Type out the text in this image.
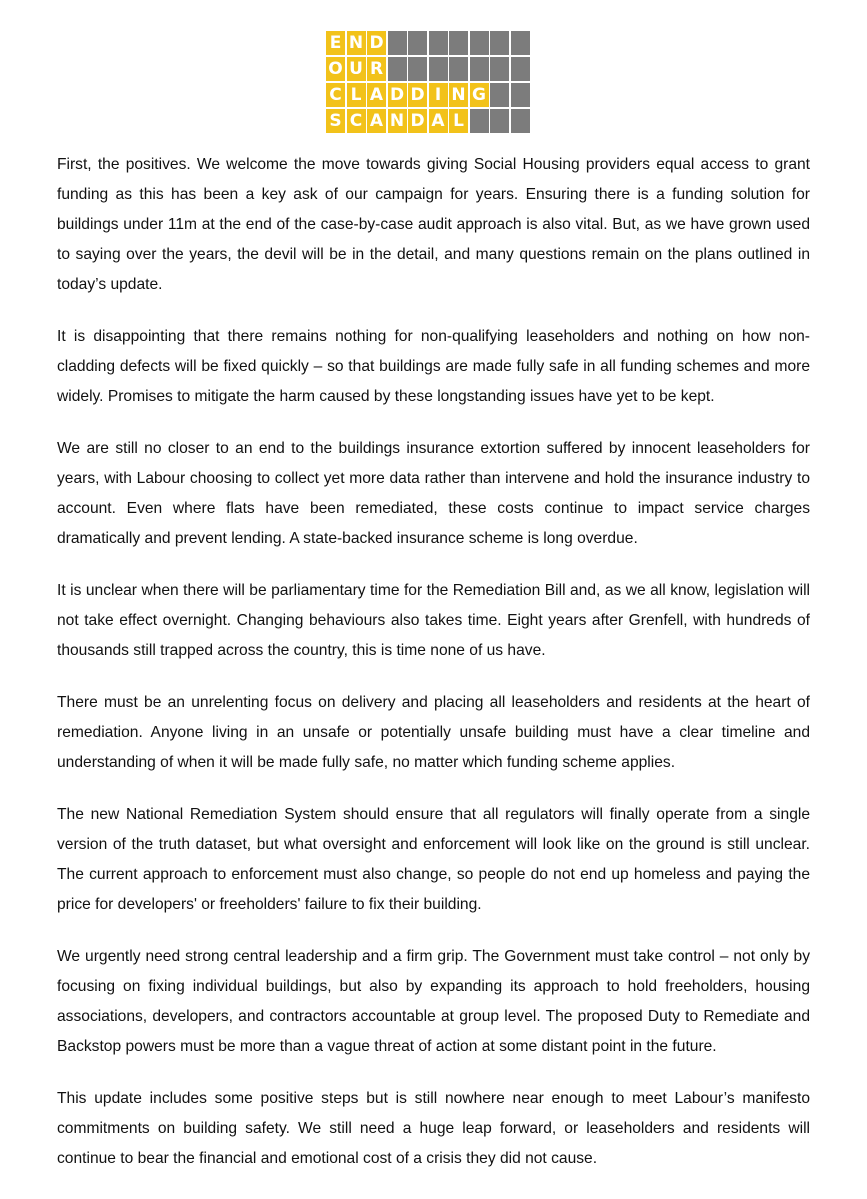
E N D
O U R
C L A D D I N G
S C A N D A L

First, the positives. We welcome the move towards giving Social Housing providers equal access to grant funding as this has been a key ask of our campaign for years. Ensuring there is a funding solution for buildings under 11m at the end of the case-by-case audit approach is also vital. But, as we have grown used to saying over the years, the devil will be in the detail, and many questions remain on the plans outlined in today’s update.

It is disappointing that there remains nothing for non-qualifying leaseholders and nothing on how non-cladding defects will be fixed quickly – so that buildings are made fully safe in all funding schemes and more widely. Promises to mitigate the harm caused by these longstanding issues have yet to be kept.

We are still no closer to an end to the buildings insurance extortion suffered by innocent leaseholders for years, with Labour choosing to collect yet more data rather than intervene and hold the insurance industry to account. Even where flats have been remediated, these costs continue to impact service charges dramatically and prevent lending. A state-backed insurance scheme is long overdue.

It is unclear when there will be parliamentary time for the Remediation Bill and, as we all know, legislation will not take effect overnight. Changing behaviours also takes time. Eight years after Grenfell, with hundreds of thousands still trapped across the country, this is time none of us have.

There must be an unrelenting focus on delivery and placing all leaseholders and residents at the heart of remediation. Anyone living in an unsafe or potentially unsafe building must have a clear timeline and understanding of when it will be made fully safe, no matter which funding scheme applies.

The new National Remediation System should ensure that all regulators will finally operate from a single version of the truth dataset, but what oversight and enforcement will look like on the ground is still unclear. The current approach to enforcement must also change, so people do not end up homeless and paying the price for developers' or freeholders' failure to fix their building.

We urgently need strong central leadership and a firm grip. The Government must take control – not only by focusing on fixing individual buildings, but also by expanding its approach to hold freeholders, housing associations, developers, and contractors accountable at group level. The proposed Duty to Remediate and Backstop powers must be more than a vague threat of action at some distant point in the future.

This update includes some positive steps but is still nowhere near enough to meet Labour’s manifesto commitments on building safety. We still need a huge leap forward, or leaseholders and residents will continue to bear the financial and emotional cost of a crisis they did not cause.
